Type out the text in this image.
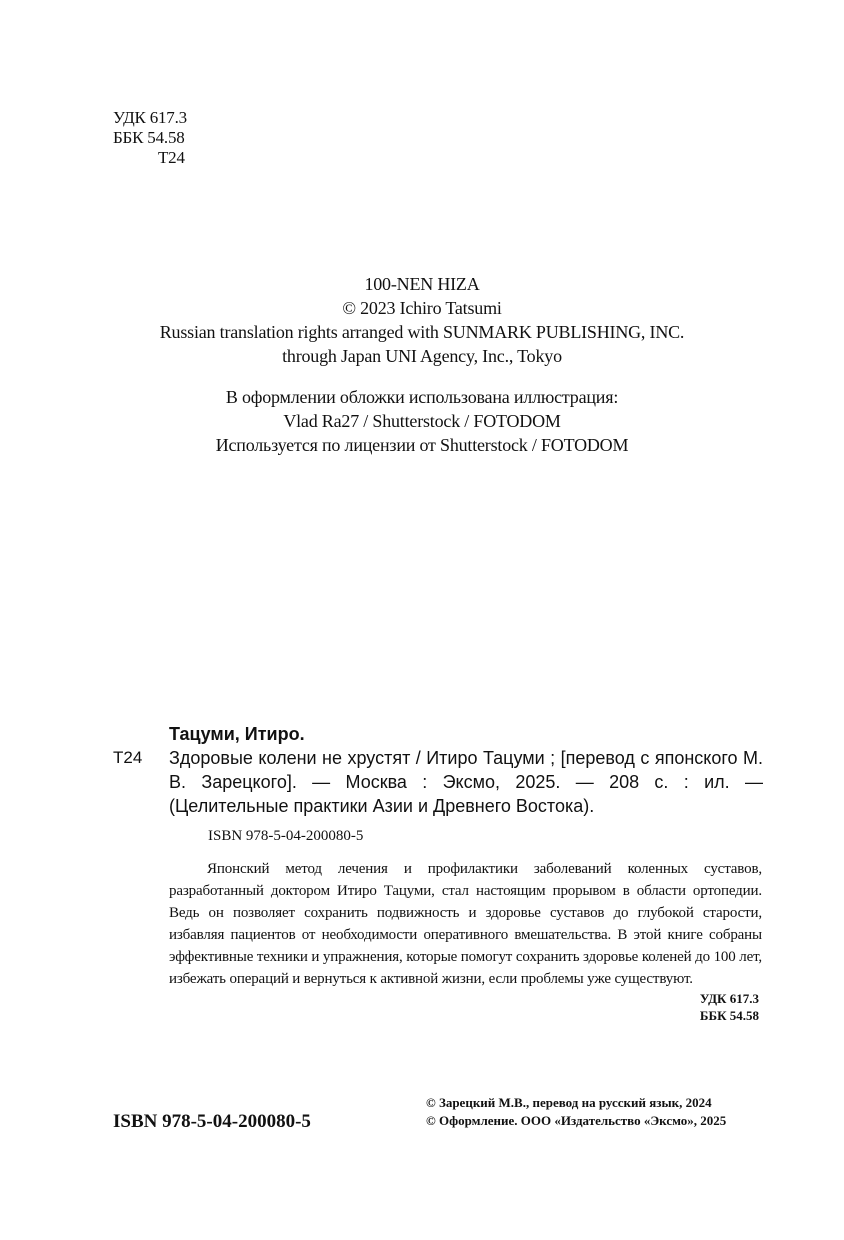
УДК 617.3
ББК 54.58
Т24
100-NEN HIZA
© 2023 Ichiro Tatsumi
Russian translation rights arranged with SUNMARK PUBLISHING, INC.
through Japan UNI Agency, Inc., Tokyo
В оформлении обложки использована иллюстрация:
Vlad Ra27 / Shutterstock / FOTODOM
Используется по лицензии от Shutterstock / FOTODOM
Тацуми, Итиро.
Т24	Здоровые колени не хрустят / Итиро Тацуми ; [перевод с японского М. В. Зарецкого]. — Москва : Эксмо, 2025. — 208 с. : ил. — (Целительные практики Азии и Древнего Востока).
ISBN 978-5-04-200080-5
Японский метод лечения и профилактики заболеваний коленных суставов, разработанный доктором Итиро Тацуми, стал настоящим прорывом в области ортопедии. Ведь он позволяет сохранить подвижность и здоровье суставов до глубокой старости, избавляя пациентов от необходимости оперативного вмешательства. В этой книге собраны эффективные техники и упражнения, которые помогут сохранить здоровье коленей до 100 лет, избежать операций и вернуться к активной жизни, если проблемы уже существуют.
УДК 617.3
ББК 54.58
ISBN 978-5-04-200080-5
© Зарецкий М.В., перевод на русский язык, 2024
© Оформление. ООО «Издательство «Эксмо», 2025
